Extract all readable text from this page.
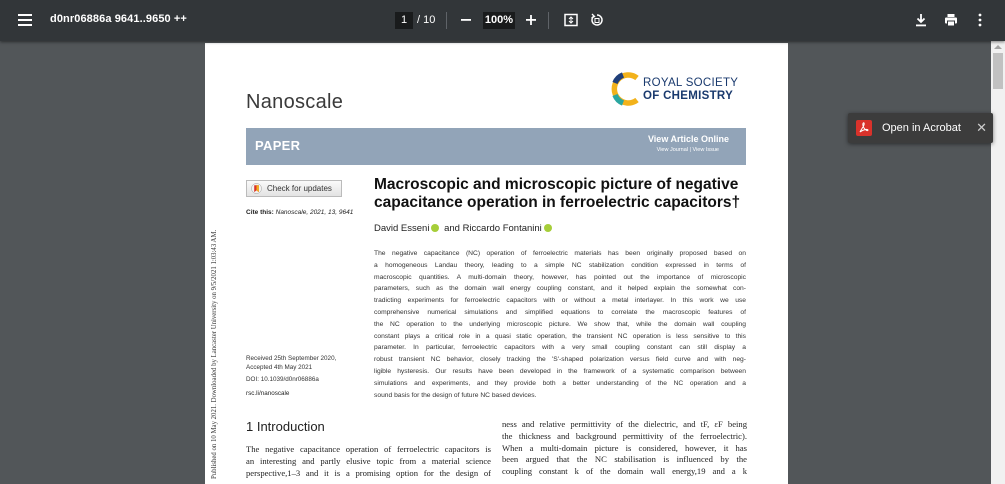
d0nr06886a 9641..9650 ++	1 / 10	100%
Published on 10 May 2021. Downloaded by Lancaster University on 9/5/2021 1:03:43 AM.
Nanoscale
ROYAL SOCIETY
OF CHEMISTRY
PAPER	View Article Online
View Journal | View Issue
Check for updates
Cite this: Nanoscale, 2021, 13, 9641
Macroscopic and microscopic picture of negative capacitance operation in ferroelectric capacitors†
David Esseni and Riccardo Fontanini
The negative capacitance (NC) operation of ferroelectric materials has been originally proposed based on
a homogeneous Landau theory, leading to a simple NC stabilization condition expressed in terms of
macroscopic quantities. A multi-domain theory, however, has pointed out the importance of microscopic
parameters, such as the domain wall energy coupling constant, and it helped explain the somewhat con-
tradicting experiments for ferroelectric capacitors with or without a metal interlayer. In this work we use
comprehensive numerical simulations and simplified equations to correlate the macroscopic features of
the NC operation to the underlying microscopic picture. We show that, while the domain wall coupling
constant plays a critical role in a quasi static operation, the transient NC operation is less sensitive to this
parameter. In particular, ferroelectric capacitors with a very small coupling constant can still display a
robust transient NC behavior, closely tracking the 'S'-shaped polarization versus field curve and with neg-
ligible hysteresis. Our results have been developed in the framework of a systematic comparison between
simulations and experiments, and they provide both a better understanding of the NC operation and a
sound basis for the design of future NC based devices.
Received 25th September 2020,
Accepted 4th May 2021
DOI: 10.1039/d0nr06886a
rsc.li/nanoscale
1 Introduction
The negative capacitance operation of ferroelectric capacitors is
an interesting and partly elusive topic from a material science
perspective,1–3 and it is a promising option for the design of
ness and relative permittivity of the dielectric, and tF, εF being
the thickness and background permittivity of the ferroelectric).
When a multi-domain picture is considered, however, it has
been argued that the NC stabilisation is influenced by the
coupling constant k of the domain wall energy,19 and a k
Open in Acrobat ✕
